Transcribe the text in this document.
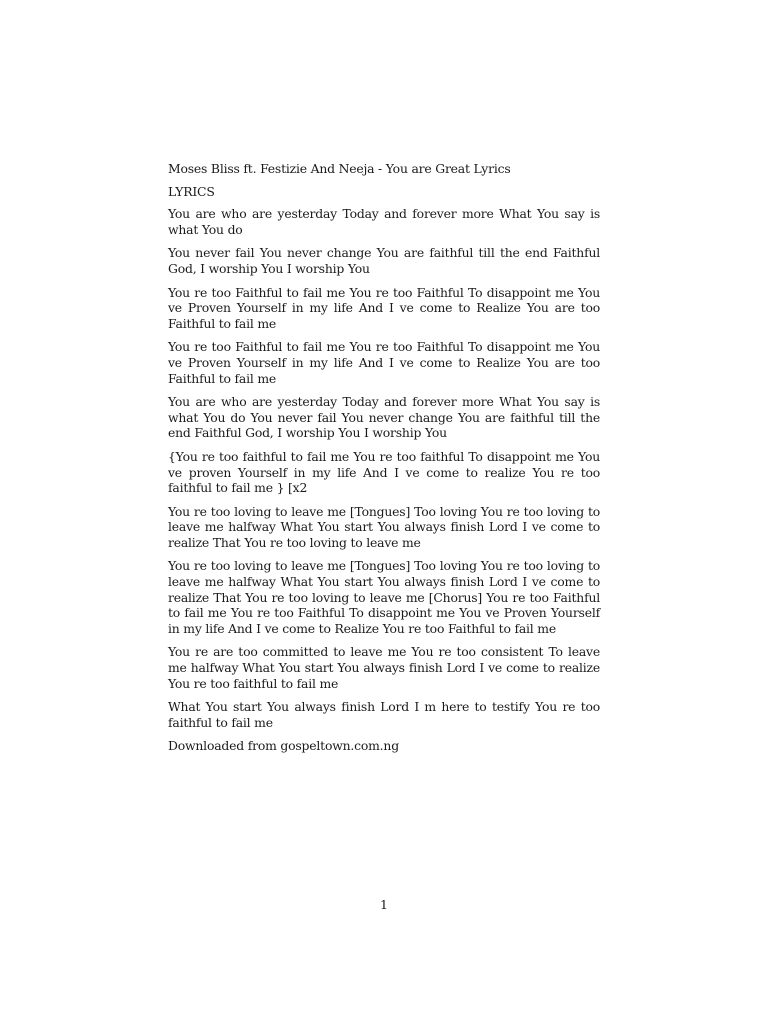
Moses Bliss ft. Festizie And Neeja - You are Great Lyrics

LYRICS

You are who are yesterday Today and forever more What You say is what You do

You never fail You never change You are faithful till the end Faithful God, I worship You I worship You

You re too Faithful to fail me You re too Faithful To disappoint me You ve Proven Yourself in my life And I ve come to Realize You are too Faithful to fail me

You re too Faithful to fail me You re too Faithful To disappoint me You ve Proven Yourself in my life And I ve come to Realize You are too Faithful to fail me

You are who are yesterday Today and forever more What You say is what You do You never fail You never change You are faithful till the end Faithful God, I worship You I worship You

{You re too faithful to fail me You re too faithful To disappoint me You ve proven Yourself in my life And I ve come to realize You re too faithful to fail me } [x2

You re too loving to leave me [Tongues] Too loving You re too loving to leave me halfway What You start You always finish Lord I ve come to realize That You re too loving to leave me

You re too loving to leave me [Tongues] Too loving You re too loving to leave me halfway What You start You always finish Lord I ve come to realize That You re too loving to leave me [Chorus] You re too Faithful to fail me You re too Faithful To disappoint me You ve Proven Yourself in my life And I ve come to Realize You re too Faithful to fail me

You re are too committed to leave me You re too consistent To leave me halfway What You start You always finish Lord I ve come to realize You re too faithful to fail me

What You start You always finish Lord I m here to testify You re too faithful to fail me

Downloaded from gospeltown.com.ng

1
